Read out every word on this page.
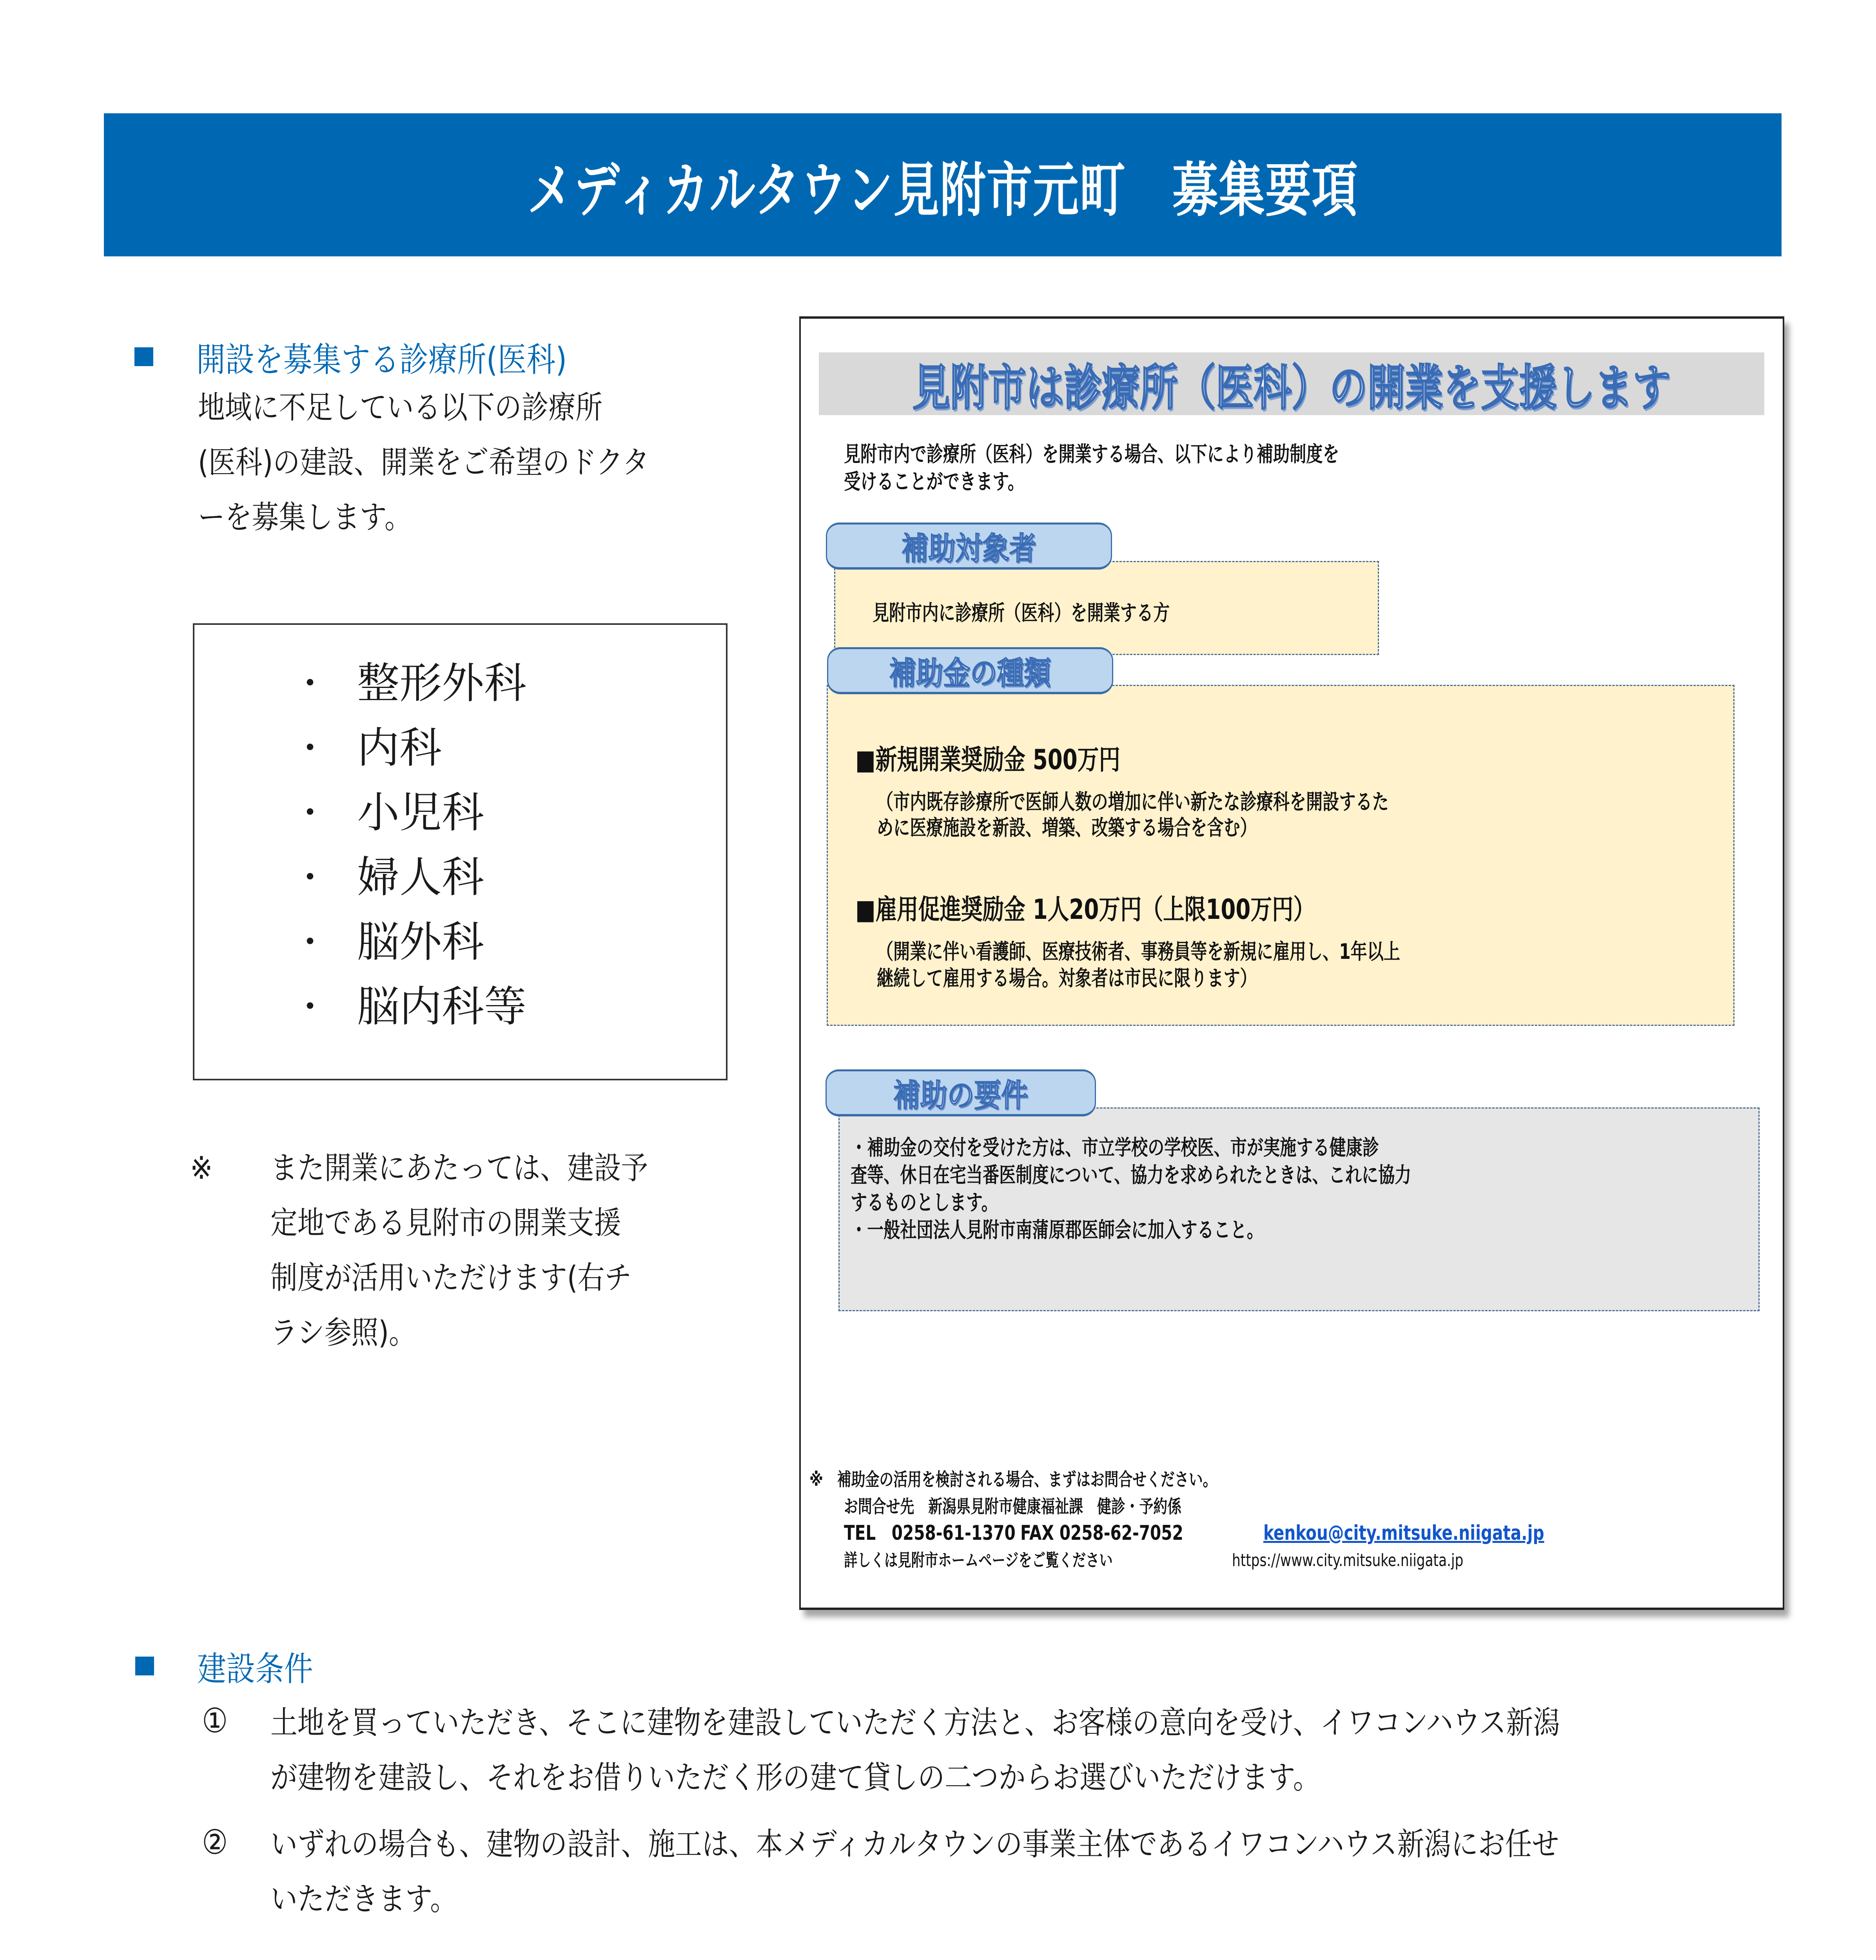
メディカルタウン見附市元町　募集要項
開設を募集する診療所(医科)
地域に不足している以下の診療所
(医科)の建設、開業をご希望のドクタ
ーを募集します。
・ 整形外科
・ 内科
・ 小児科
・ 婦人科
・ 脳外科
・ 脳内科等
※ また開業にあたっては、建設予
定地である見附市の開業支援
制度が活用いただけます(右チ
ラシ参照)。
見附市は診療所（医科）の開業を支援します
見附市内で診療所（医科）を開業する場合、以下により補助制度を
受けることができます。
見附市内に診療所（医科）を開業する方
補助対象者
■新規開業奨励金 500万円
（市内既存診療所で医師人数の増加に伴い新たな診療科を開設するた
めに医療施設を新設、増築、改築する場合を含む）
■雇用促進奨励金 1人20万円（上限100万円）
（開業に伴い看護師、医療技術者、事務員等を新規に雇用し、1年以上
継続して雇用する場合。対象者は市民に限ります）
補助金の種類
・補助金の交付を受けた方は、市立学校の学校医、市が実施する健康診
査等、休日在宅当番医制度について、協力を求められたときは、これに協力
するものとします。
・一般社団法人見附市南蒲原郡医師会に加入すること。
補助の要件
※　補助金の活用を検討される場合、まずはお問合せください。
お問合せ先　新潟県見附市健康福祉課　健診・予約係
TEL　0258-61-1370 FAX 0258-62-7052	kenkou@city.mitsuke.niigata.jp
詳しくは見附市ホームページをご覧ください	https://www.city.mitsuke.niigata.jp
建設条件
① 土地を買っていただき、そこに建物を建設していただく方法と、お客様の意向を受け、イワコンハウス新潟
が建物を建設し、それをお借りいただく形の建て貸しの二つからお選びいただけます。
② いずれの場合も、建物の設計、施工は、本メディカルタウンの事業主体であるイワコンハウス新潟にお任せ
いただきます。
